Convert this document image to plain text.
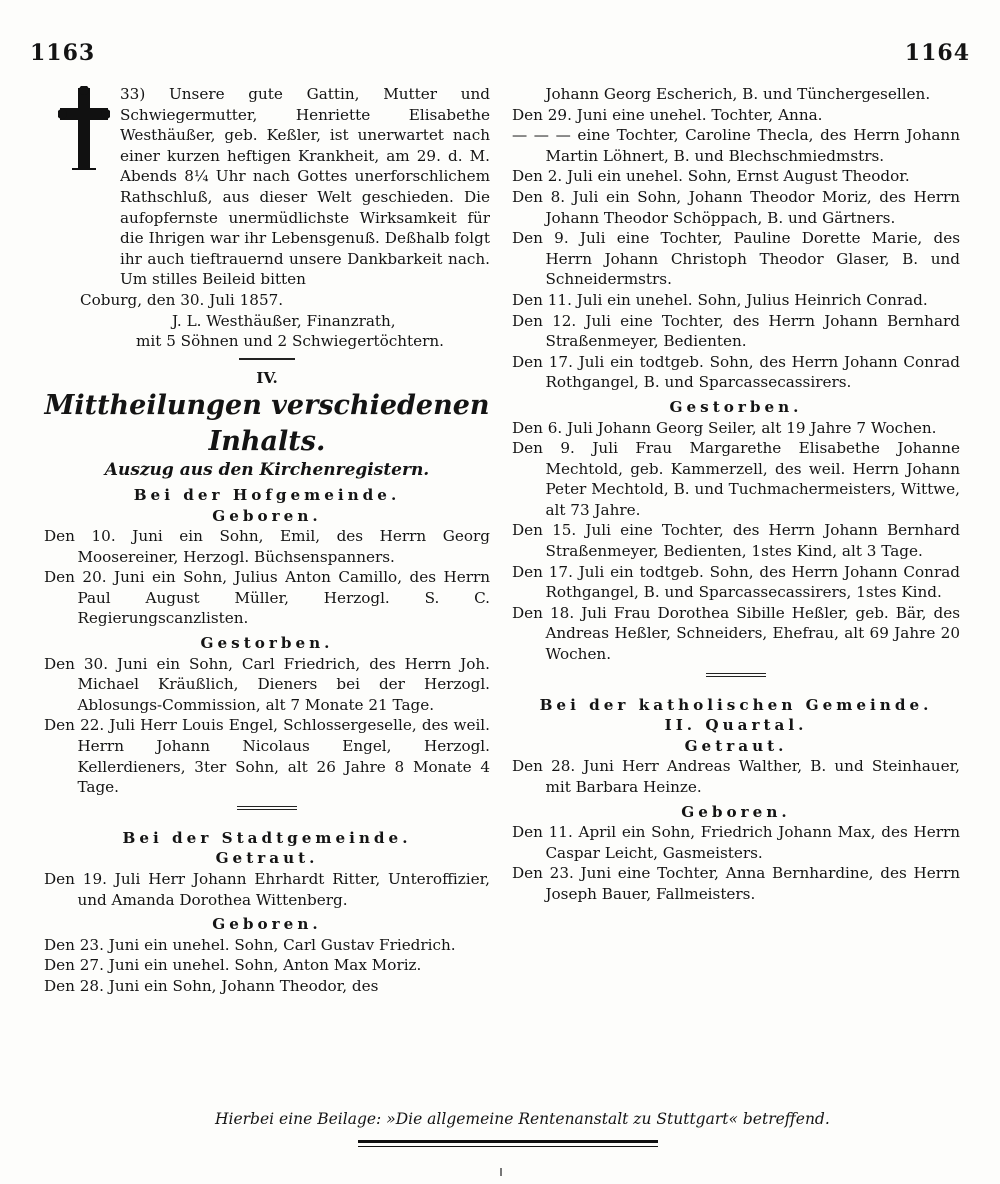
1163	1164

33) Unsere gute Gattin, Mutter und Schwiegermutter, Henriette Elisabethe Westhäußer, geb. Keßler, ist unerwartet nach einer kurzen heftigen Krankheit, am 29. d. M. Abends 8¼ Uhr nach Gottes unerforschlichem Rathschluß, aus dieser Welt geschieden. Die aufopfernste unermüdlichste Wirksamkeit für die Ihrigen war ihr Lebensgenuß. Deßhalb folgt ihr auch tieftrauernd unsere Dankbarkeit nach. Um stilles Beileid bitten

Coburg, den 30. Juli 1857.

J. L. Westhäußer, Finanzrath,

mit 5 Söhnen und 2 Schwiegertöchtern.

IV.

Mittheilungen verschiedenen Inhalts.

Auszug aus den Kirchenregistern.

Bei der Hofgemeinde.

Geboren.

Den 10. Juni ein Sohn, Emil, des Herrn Georg Moosereiner, Herzogl. Büchsenspanners.

Den 20. Juni ein Sohn, Julius Anton Camillo, des Herrn Paul August Müller, Herzogl. S. C. Regierungscanzlisten.

Gestorben.

Den 30. Juni ein Sohn, Carl Friedrich, des Herrn Joh. Michael Kräußlich, Dieners bei der Herzogl. Ablosungs-Commission, alt 7 Monate 21 Tage.

Den 22. Juli Herr Louis Engel, Schlossergeselle, des weil. Herrn Johann Nicolaus Engel, Herzogl. Kellerdieners, 3ter Sohn, alt 26 Jahre 8 Monate 4 Tage.

Bei der Stadtgemeinde.

Getraut.

Den 19. Juli Herr Johann Ehrhardt Ritter, Unteroffizier, und Amanda Dorothea Wittenberg.

Geboren.

Den 23. Juni ein unehel. Sohn, Carl Gustav Friedrich.

Den 27. Juni ein unehel. Sohn, Anton Max Moriz.

Den 28. Juni ein Sohn, Johann Theodor, des

Johann Georg Escherich, B. und Tünchergesellen.

Den 29. Juni eine unehel. Tochter, Anna.

— — — eine Tochter, Caroline Thecla, des Herrn Johann Martin Löhnert, B. und Blechschmiedmstrs.

Den 2. Juli ein unehel. Sohn, Ernst August Theodor.

Den 8. Juli ein Sohn, Johann Theodor Moriz, des Herrn Johann Theodor Schöppach, B. und Gärtners.

Den 9. Juli eine Tochter, Pauline Dorette Marie, des Herrn Johann Christoph Theodor Glaser, B. und Schneidermstrs.

Den 11. Juli ein unehel. Sohn, Julius Heinrich Conrad.

Den 12. Juli eine Tochter, des Herrn Johann Bernhard Straßenmeyer, Bedienten.

Den 17. Juli ein todtgeb. Sohn, des Herrn Johann Conrad Rothgangel, B. und Sparcassecassirers.

Gestorben.

Den 6. Juli Johann Georg Seiler, alt 19 Jahre 7 Wochen.

Den 9. Juli Frau Margarethe Elisabethe Johanne Mechtold, geb. Kammerzell, des weil. Herrn Johann Peter Mechtold, B. und Tuchmachermeisters, Wittwe, alt 73 Jahre.

Den 15. Juli eine Tochter, des Herrn Johann Bernhard Straßenmeyer, Bedienten, 1stes Kind, alt 3 Tage.

Den 17. Juli ein todtgeb. Sohn, des Herrn Johann Conrad Rothgangel, B. und Sparcassecassirers, 1stes Kind.

Den 18. Juli Frau Dorothea Sibille Heßler, geb. Bär, des Andreas Heßler, Schneiders, Ehefrau, alt 69 Jahre 20 Wochen.

Bei der katholischen Gemeinde.

II. Quartal.

Getraut.

Den 28. Juni Herr Andreas Walther, B. und Steinhauer, mit Barbara Heinze.

Geboren.

Den 11. April ein Sohn, Friedrich Johann Max, des Herrn Caspar Leicht, Gasmeisters.

Den 23. Juni eine Tochter, Anna Bernhardine, des Herrn Joseph Bauer, Fallmeisters.

Hierbei eine Beilage: »Die allgemeine Rentenanstalt zu Stuttgart« betreffend.
